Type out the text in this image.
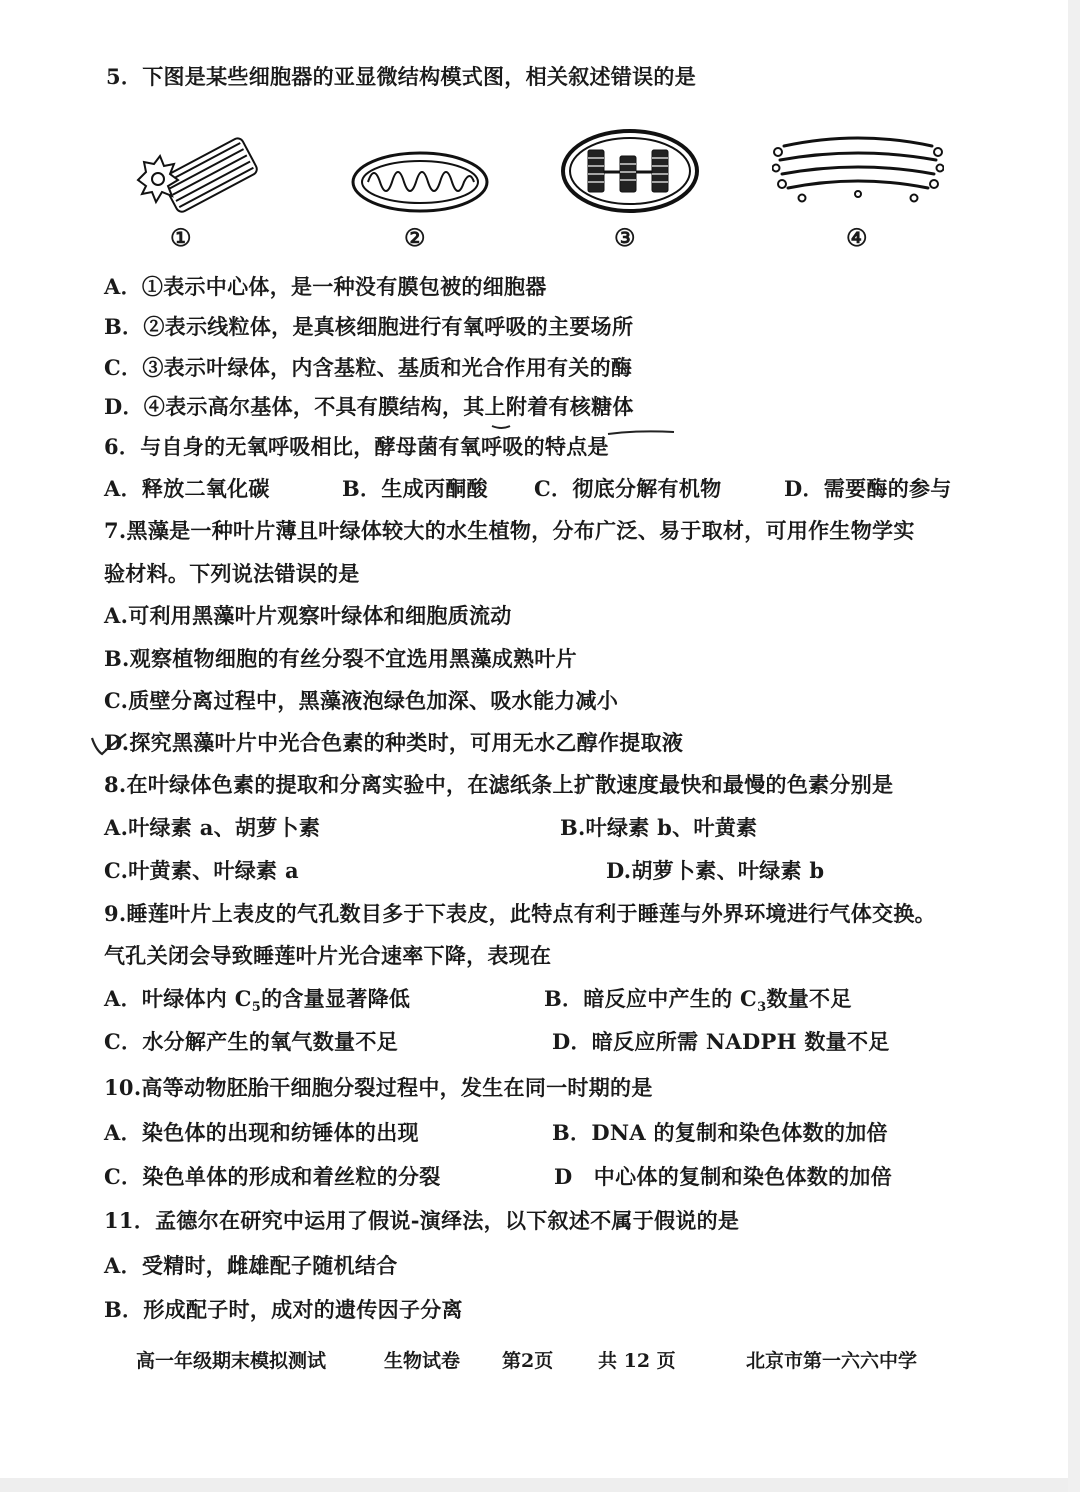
5．下图是某些细胞器的亚显微结构模式图，相关叙述错误的是
①	②	③	④
A．①表示中心体，是一种没有膜包被的细胞器
B．②表示线粒体，是真核细胞进行有氧呼吸的主要场所
C．③表示叶绿体，内含基粒、基质和光合作用有关的酶
D．④表示高尔基体，不具有膜结构，其上附着有核糖体
6．与自身的无氧呼吸相比，酵母菌有氧呼吸的特点是
A．释放二氧化碳	B．生成丙酮酸 C．彻底分解有机物	D．需要酶的参与
7.黑藻是一种叶片薄且叶绿体较大的水生植物，分布广泛、易于取材，可用作生物学实
验材料。下列说法错误的是
A.可利用黑藻叶片观察叶绿体和细胞质流动
B.观察植物细胞的有丝分裂不宜选用黑藻成熟叶片
C.质壁分离过程中，黑藻液泡绿色加深、吸水能力减小
D.探究黑藻叶片中光合色素的种类时，可用无水乙醇作提取液
8.在叶绿体色素的提取和分离实验中，在滤纸条上扩散速度最快和最慢的色素分别是
A.叶绿素 a、胡萝卜素	B.叶绿素 b、叶黄素
C.叶黄素、叶绿素 a	D.胡萝卜素、叶绿素 b
9.睡莲叶片上表皮的气孔数目多于下表皮，此特点有利于睡莲与外界环境进行气体交换。
气孔关闭会导致睡莲叶片光合速率下降，表现在
A．叶绿体内 $C_5$的含量显著降低	B．暗反应中产生的 $C_3$数量不足
C．水分解产生的氧气数量不足	D．暗反应所需 NADPH 数量不足
10.高等动物胚胎干细胞分裂过程中，发生在同一时期的是
A．染色体的出现和纺锤体的出现	B．DNA 的复制和染色体数的加倍
C．染色单体的形成和着丝粒的分裂	D　中心体的复制和染色体数的加倍
11．孟德尔在研究中运用了假说-演绎法，以下叙述不属于假说的是
A．受精时，雌雄配子随机结合
B．形成配子时，成对的遗传因子分离
高一年级期末模拟测试	生物试卷 第2页 共 12 页	北京市第一六六中学
